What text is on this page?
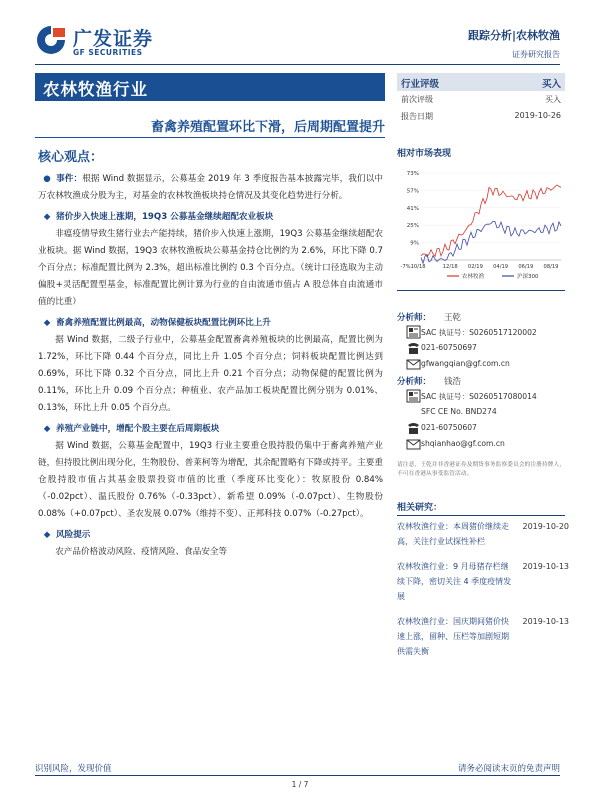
广发证券
GF SECURITIES
跟踪分析|农林牧渔
证券研究报告
农林牧渔行业
畜禽养殖配置环比下滑，后周期配置提升
核心观点：
● 事件：根据 Wind 数据显示，公募基金 2019 年 3 季度报告基本披露完毕，我们以中万农林牧渔成分股为主，对基金的农林牧渔板块持仓情况及其变化趋势进行分析。
◆ 猪价步入快速上涨期，19Q3 公募基金继续超配农业板块
非瘟疫情导致生猪行业去产能持续，猪价步入快速上涨期，19Q3 公募基金继续超配农业板块。据 Wind 数据，19Q3 农林牧渔板块公募基金持仓比例约为 2.6%，环比下降 0.7 个百分点；标准配置比例为 2.3%，超出标准比例约 0.3 个百分点。（统计口径选取为主动偏股+灵活配置型基金，标准配置比例计算为行业的自由流通市值占 A 股总体自由流通市值的比重）
◆ 畜禽养殖配置比例最高，动物保健板块配置比例环比上升
据 Wind 数据，二级子行业中，公募基金配置畜禽养殖板块的比例最高，配置比例为 1.72%，环比下降 0.44 个百分点，同比上升 1.05 个百分点；饲料板块配置比例达到 0.69%，环比下降 0.32 个百分点，同比上升 0.21 个百分点；动物保健的配置比例为 0.11%，环比上升 0.09 个百分点；种植业、农产品加工板块配置比例分别为 0.01%、0.13%，环比上升 0.05 个百分点。
◆ 养殖产业链中，增配个股主要在后周期板块
据 Wind 数据，公募基金配置中，19Q3 行业主要重仓股持股仍集中于畜禽养殖产业链，但持股比例出现分化，生物股份、普莱柯等为增配，其余配置略有下降或持平。主要重仓股持股市值占其基金股票投资市值的比重（季度环比变化）：牧原股份 0.84%（-0.02pct）、温氏股份 0.76%（-0.33pct）、新希望 0.09%（-0.07pct）、生物股份 0.08%（+0.07pct）、圣农发展 0.07%（维持不变）、正邦科技 0.07%（-0.27pct）。
◆ 风险提示
农产品价格波动风险、疫情风险、食品安全等
行业评级	买入
前次评级	买入
报告日期	2019-10-26
相对市场表现
73%
57%
41%
25%
9%
-7%10/18	12/18 02/19 04/19 06/19 08/19
农林牧渔	沪深300
分析师： 王乾
SAC 执证号：S0260517120002
021-60750697
gfwangqian@gf.com.cn
分析师： 钱浩
SAC 执证号：S0260517080014
SFC CE No. BND274
021-60750607
shqianhao@gf.com.cn
请注意，王乾并非香港证券及期货事务监察委员会的注册持牌人，不可在香港从事受监管活动。
相关研究：
农林牧渔行业：本周猪价继续走高，关注行业试探性补栏
2019-10-20
农林牧渔行业：9 月母猪存栏继续下降，密切关注 4 季度疫情发展
2019-10-13
农林牧渔行业：国庆期间猪价快速上涨，留种、压栏等加剧短期供需失衡
2019-10-13
识别风险，发现价值	请务必阅读末页的免责声明
1 / 7
